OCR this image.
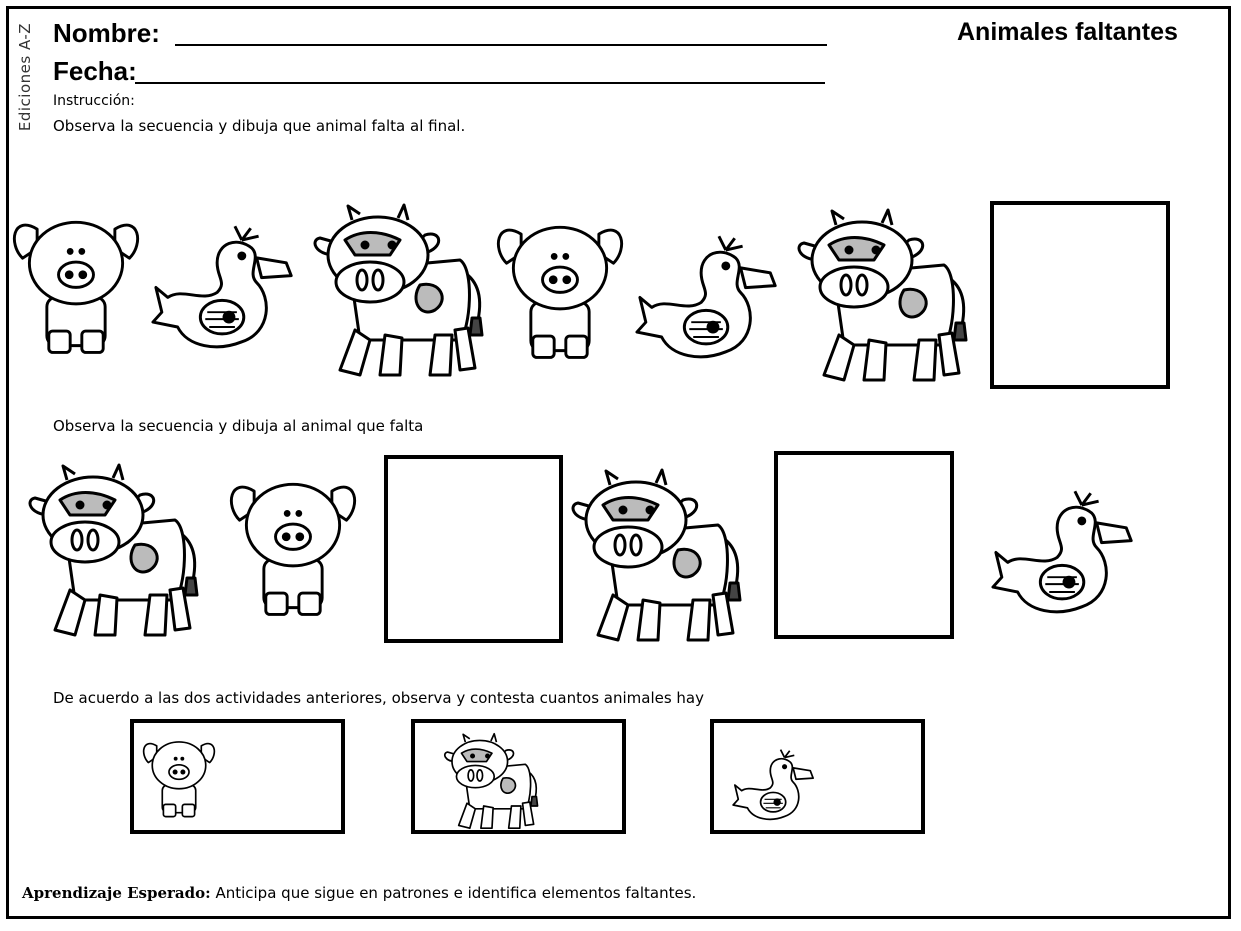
Ediciones A-Z Nombre:
Fecha:
Animales faltantes
Instrucción:
Observa la secuencia y dibuja que animal falta al final.
Observa la secuencia y dibuja al animal que falta
De acuerdo a las dos actividades anteriores, observa y contesta cuantos animales hay
Aprendizaje Esperado: Anticipa que sigue en patrones e identifica elementos faltantes.
